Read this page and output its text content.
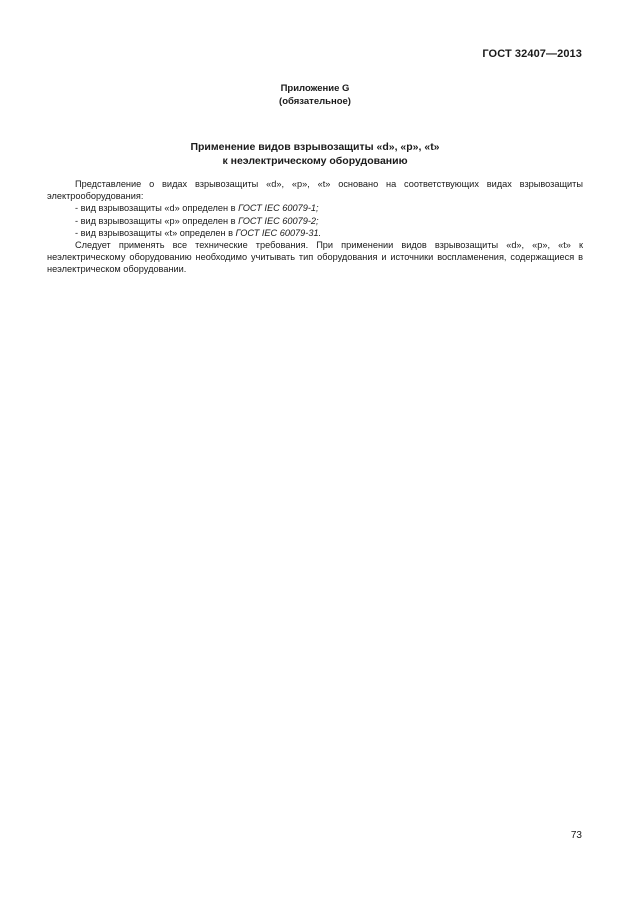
ГОСТ 32407—2013
Приложение G
(обязательное)
Применение видов взрывозащиты «d», «р», «t»
к неэлектрическому оборудованию

Представление о видах взрывозащиты «d», «р», «t» основано на соответствующих видах взрывозащиты электрооборудования:

- вид взрывозащиты «d» определен в ГОСТ IEC 60079-1;

- вид взрывозащиты «р» определен в ГОСТ IEC 60079-2;

- вид взрывозащиты «t» определен в ГОСТ IEC 60079-31.

Следует применять все технические требования. При применении видов взрывозащиты «d», «р», «t» к неэлектрическому оборудованию необходимо учитывать тип оборудования и источники воспламенения, содержащиеся в неэлектрическом оборудовании.

73
